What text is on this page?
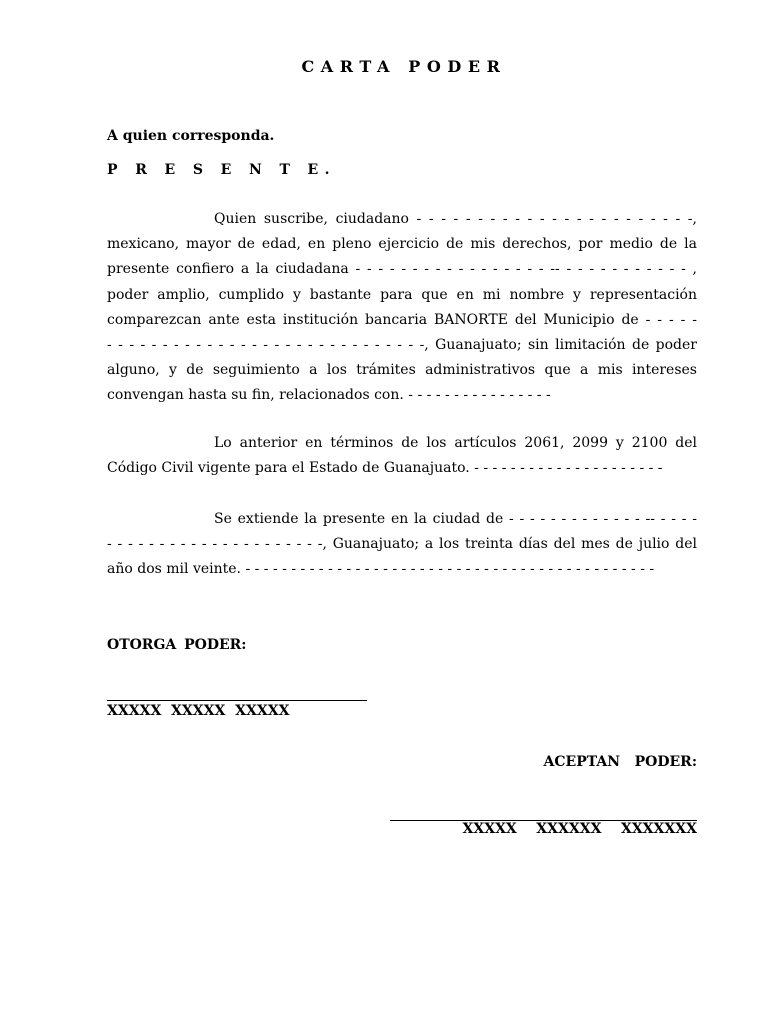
CARTA PODER

A quien corresponda.

P R E S E N T E.

Quien suscribe, ciudadano - - - - - - - - - - - - - - - - - - - - - - -,
mexicano, mayor de edad, en pleno ejercicio de mis derechos, por medio de la
presente confiero a la ciudadana - - - - - - - - - - - - - - - - - -- - - - - - - - - - - - ,
poder amplio, cumplido y bastante para que en mi nombre y representación
comparezcan ante esta institución bancaria BANORTE del Municipio de - - - - -
- - - - - - - - - - - - - - - - - - - - - - - - - - - - -, Guanajuato; sin limitación de poder
alguno, y de seguimiento a los trámites administrativos que a mis intereses
convengan hasta su fin, relacionados con. - - - - - - - - - - - - - - - -
Lo anterior en términos de los artículos 2061, 2099 y 2100 del
Código Civil vigente para el Estado de Guanajuato. - - - - - - - - - - - - - - - - - - - - -
Se extiende la presente en la ciudad de - - - - - - - - - - - - - -- - - - -
- - - - - - - - - - - - - - - - - - - - -, Guanajuato; a los treinta días del mes de julio del
año dos mil veinte. - - - - - - - - - - - - - - - - - - - - - - - - - - - - - - - - - - - - - - - - - - - - -

OTORGA PODER:

XXXXX  XXXXX  XXXXX

ACEPTAN   PODER:

XXXXX    XXXXXX    XXXXXXX
